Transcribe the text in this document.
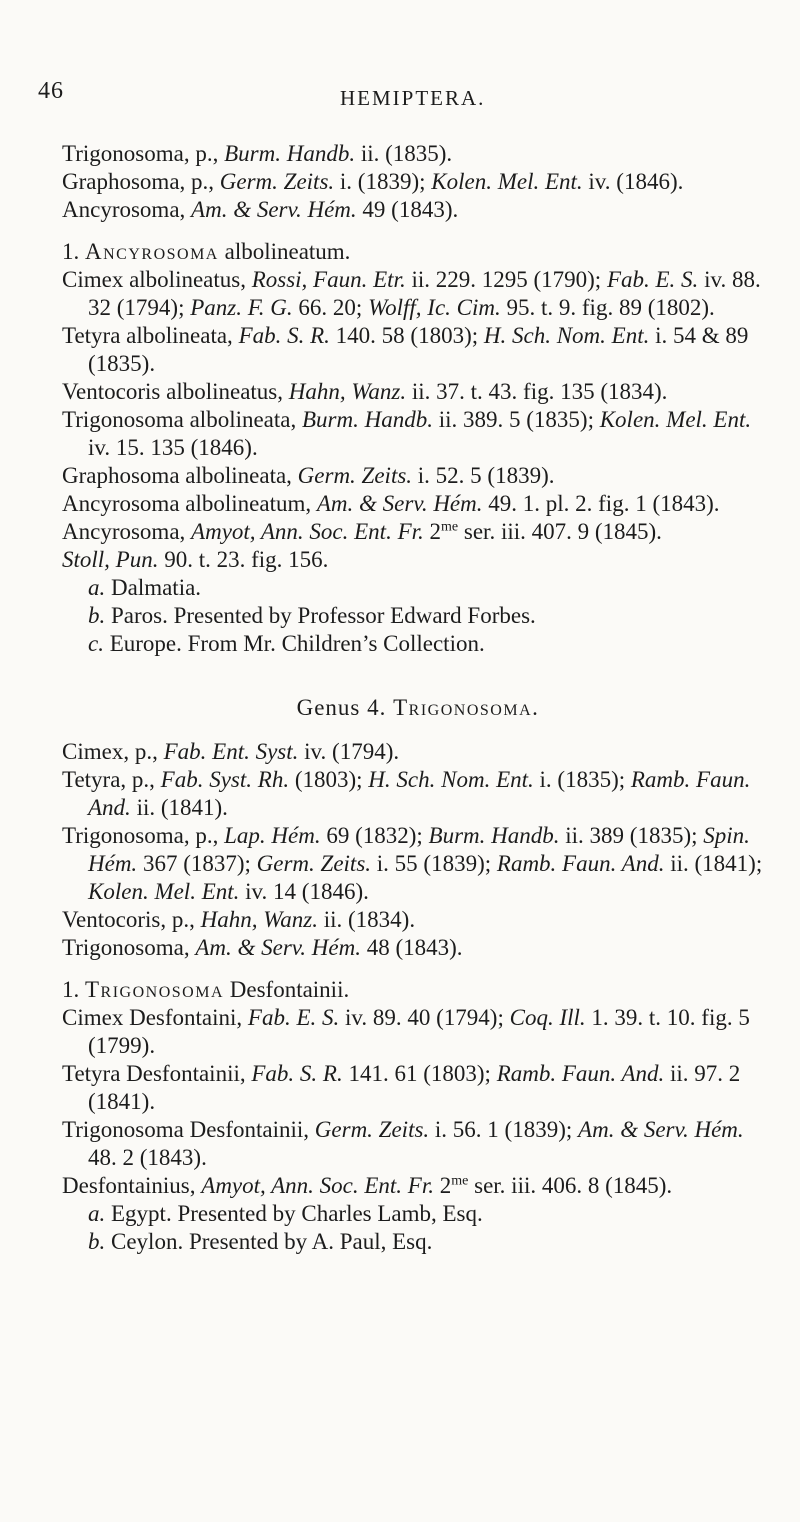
46	HEMIPTERA.

Trigonosoma, p., Burm. Handb. ii. (1835).

Graphosoma, p., Germ. Zeits. i. (1839); Kolen. Mel. Ent. iv. (1846).

Ancyrosoma, Am. & Serv. Hém. 49 (1843).

1. Ancyrosoma albolineatum.

Cimex albolineatus, Rossi, Faun. Etr. ii. 229. 1295 (1790); Fab. E. S. iv. 88. 32 (1794); Panz. F. G. 66. 20; Wolff, Ic. Cim. 95. t. 9. fig. 89 (1802).

Tetyra albolineata, Fab. S. R. 140. 58 (1803); H. Sch. Nom. Ent. i. 54 & 89 (1835).

Ventocoris albolineatus, Hahn, Wanz. ii. 37. t. 43. fig. 135 (1834).

Trigonosoma albolineata, Burm. Handb. ii. 389. 5 (1835); Kolen. Mel. Ent. iv. 15. 135 (1846).

Graphosoma albolineata, Germ. Zeits. i. 52. 5 (1839).

Ancyrosoma albolineatum, Am. & Serv. Hém. 49. 1. pl. 2. fig. 1 (1843).

Ancyrosoma, Amyot, Ann. Soc. Ent. Fr. $2^{me}$ ser. iii. 407. 9 (1845).

Stoll, Pun. 90. t. 23. fig. 156.

a. Dalmatia.

b. Paros. Presented by Professor Edward Forbes.

c. Europe. From Mr. Children’s Collection.

Genus 4. Trigonosoma.

Cimex, p., Fab. Ent. Syst. iv. (1794).

Tetyra, p., Fab. Syst. Rh. (1803); H. Sch. Nom. Ent. i. (1835); Ramb. Faun. And. ii. (1841).

Trigonosoma, p., Lap. Hém. 69 (1832); Burm. Handb. ii. 389 (1835); Spin. Hém. 367 (1837); Germ. Zeits. i. 55 (1839); Ramb. Faun. And. ii. (1841); Kolen. Mel. Ent. iv. 14 (1846).

Ventocoris, p., Hahn, Wanz. ii. (1834).

Trigonosoma, Am. & Serv. Hém. 48 (1843).

1. Trigonosoma Desfontainii.

Cimex Desfontaini, Fab. E. S. iv. 89. 40 (1794); Coq. Ill. 1. 39. t. 10. fig. 5 (1799).

Tetyra Desfontainii, Fab. S. R. 141. 61 (1803); Ramb. Faun. And. ii. 97. 2 (1841).

Trigonosoma Desfontainii, Germ. Zeits. i. 56. 1 (1839); Am. & Serv. Hém. 48. 2 (1843).

Desfontainius, Amyot, Ann. Soc. Ent. Fr. $2^{me}$ ser. iii. 406. 8 (1845).

a. Egypt. Presented by Charles Lamb, Esq.

b. Ceylon. Presented by A. Paul, Esq.
